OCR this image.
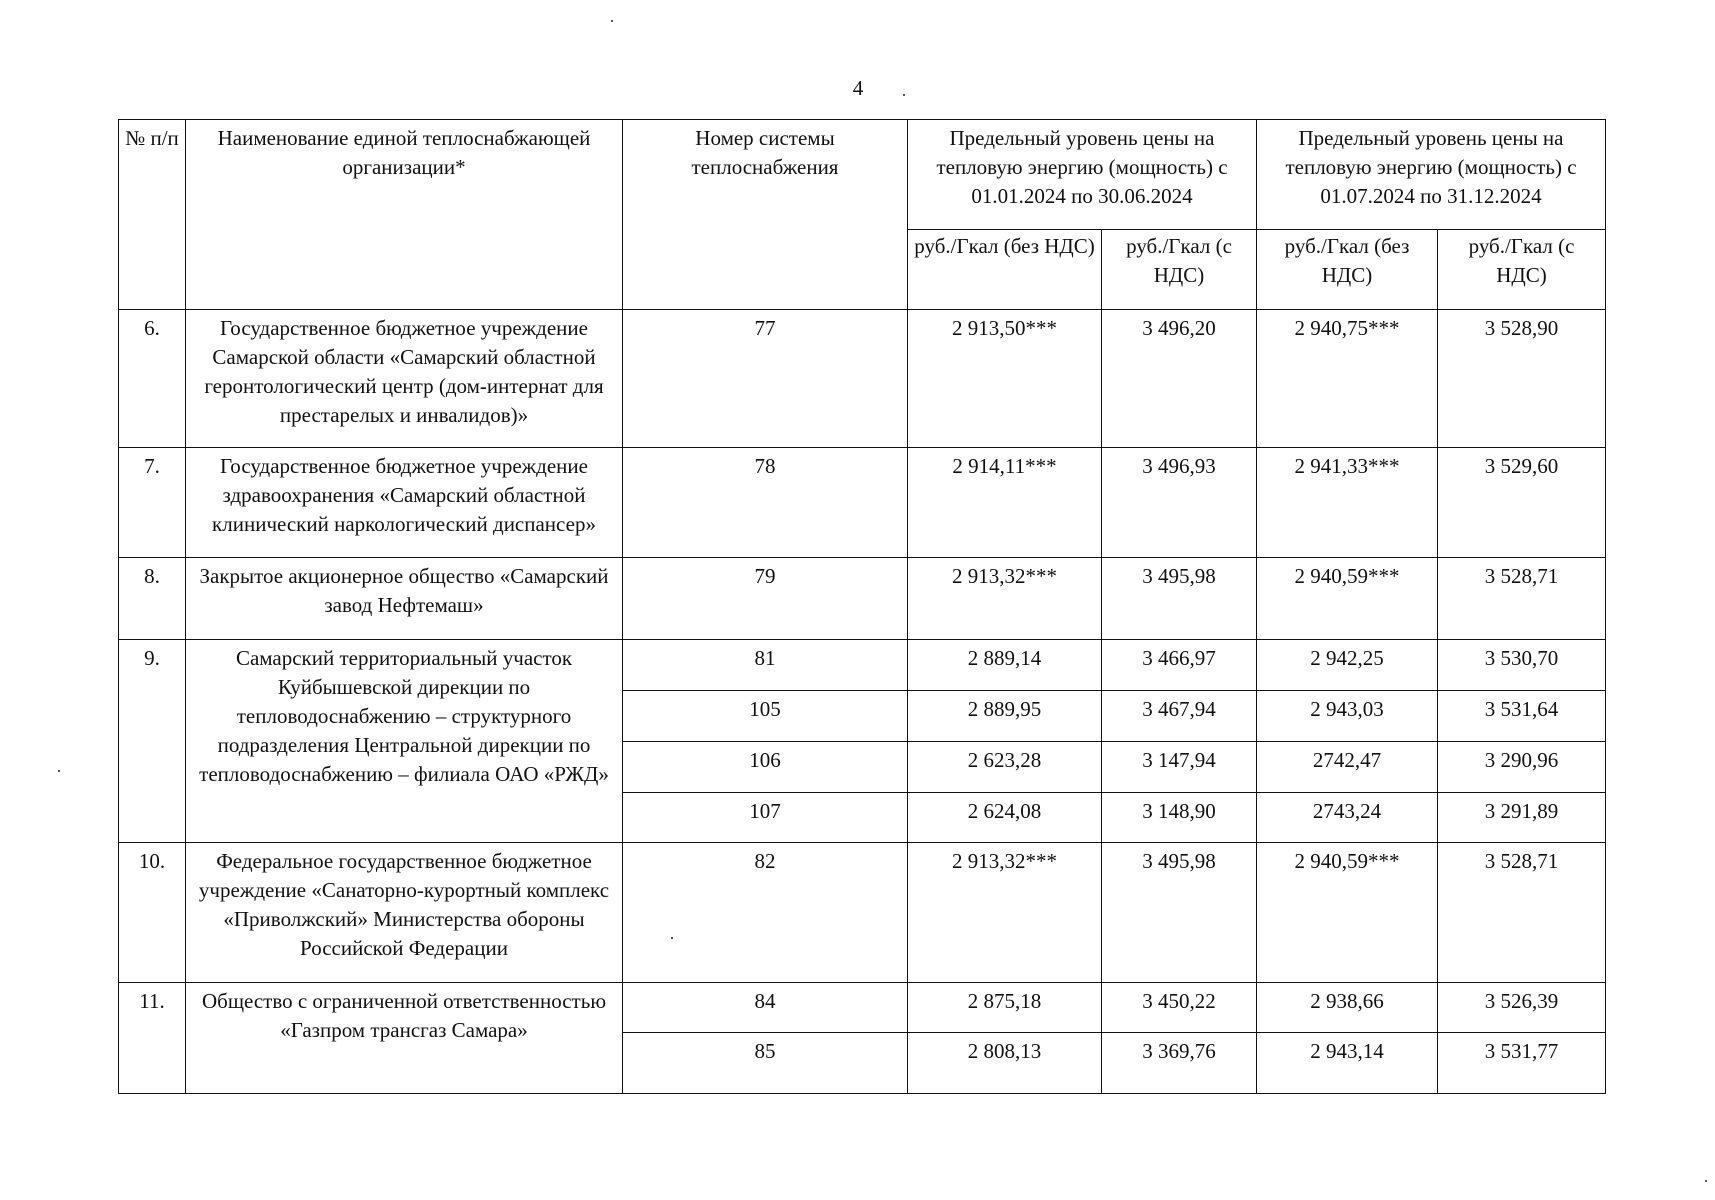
4
№ п/п	Наименование единой теплоснабжающей организации*	Номер системы теплоснабжения	Предельный уровень цены на тепловую энергию (мощность) с 01.01.2024 по 30.06.2024		Предельный уровень цены на тепловую энергию (мощность) с 01.07.2024 по 31.12.2024	
			руб./Гкал (без НДС)	руб./Гкал (с НДС)	руб./Гкал (без НДС)	руб./Гкал (с НДС)
6.	Государственное бюджетное учреждение Самарской области «Самарский областной геронтологический центр (дом-интернат для престарелых и инвалидов)»	77	2 913,50***	3 496,20	2 940,75***	3 528,90
7.	Государственное бюджетное учреждение здравоохранения «Самарский областной клинический наркологический диспансер»	78	2 914,11***	3 496,93	2 941,33***	3 529,60
8.	Закрытое акционерное общество «Самарский завод Нефтемаш»	79	2 913,32***	3 495,98	2 940,59***	3 528,71
9.	Самарский территориальный участок Куйбышевской дирекции по тепловодоснабжению – структурного подразделения Центральной дирекции по тепловодоснабжению – филиала ОАО «РЖД»	81	2 889,14	3 466,97	2 942,25	3 530,70
		105	2 889,95	3 467,94	2 943,03	3 531,64
		106	2 623,28	3 147,94	2742,47	3 290,96
		107	2 624,08	3 148,90	2743,24	3 291,89
10.	Федеральное государственное бюджетное учреждение «Санаторно-курортный комплекс «Приволжский» Министерства обороны Российской Федерации	82	2 913,32***	3 495,98	2 940,59***	3 528,71
11.	Общество с ограниченной ответственностью «Газпром трансгаз Самара»	84	2 875,18	3 450,22	2 938,66	3 526,39
		85	2 808,13	3 369,76	2 943,14	3 531,77
